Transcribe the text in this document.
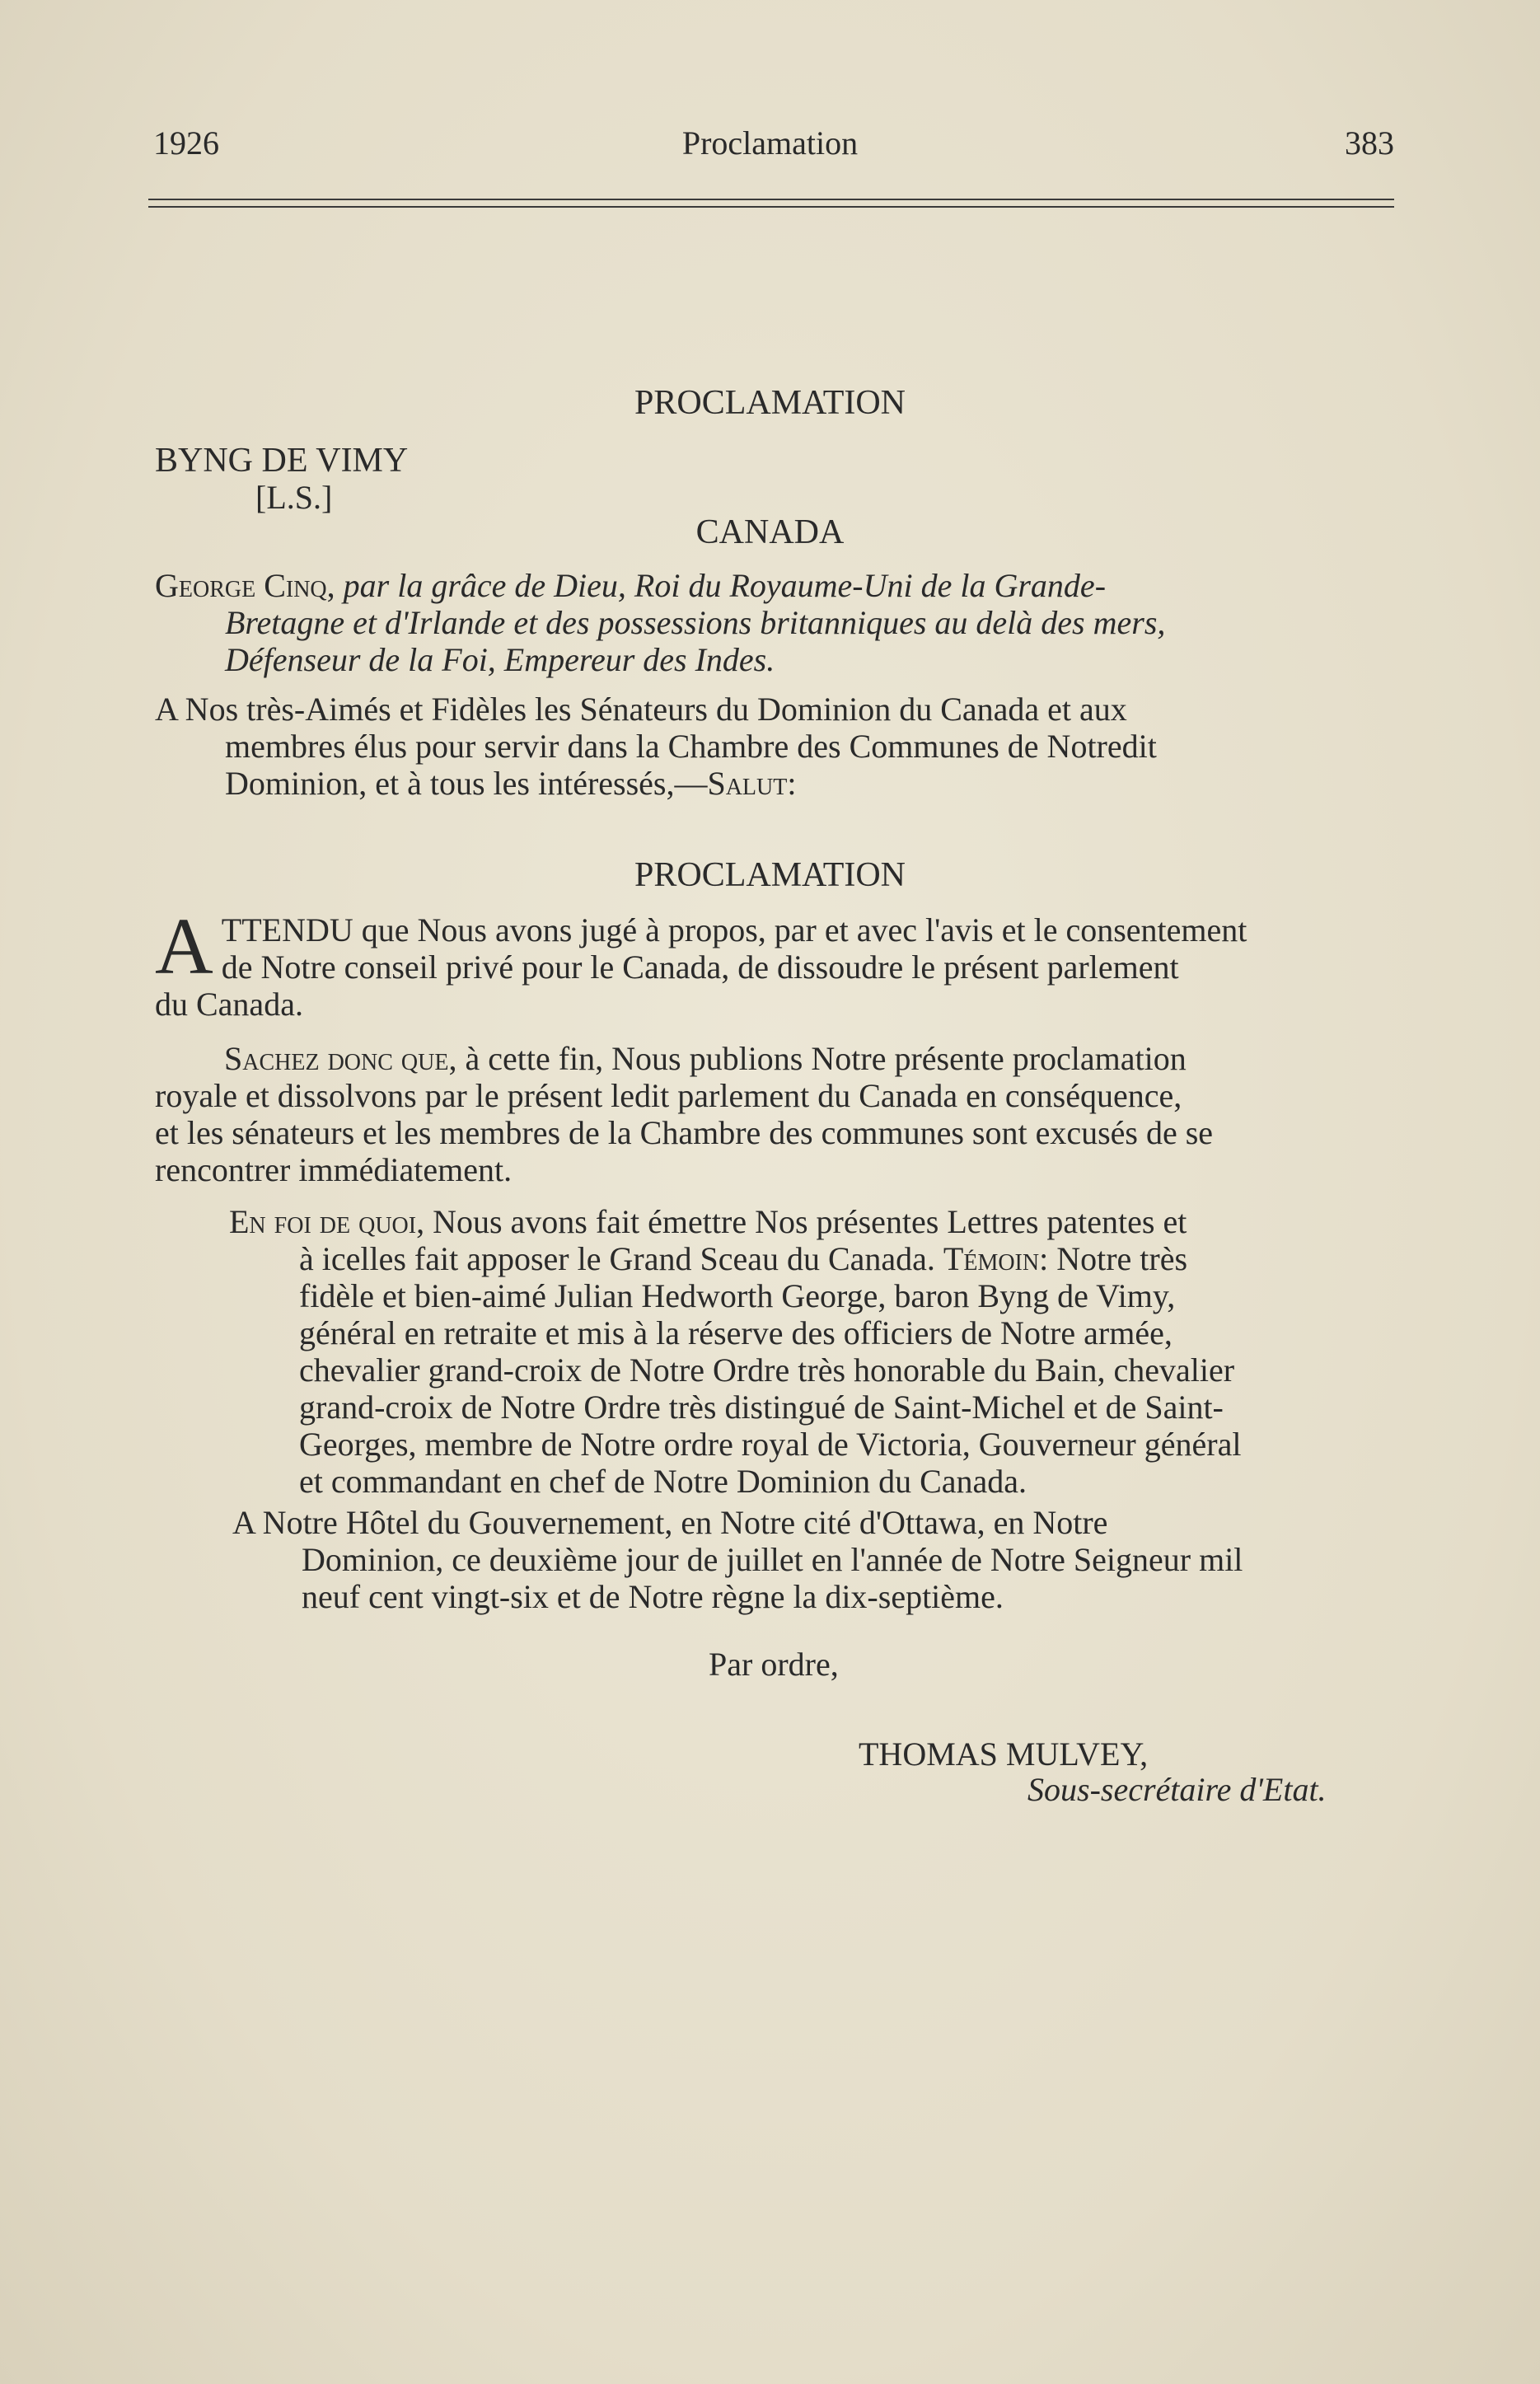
1926	Proclamation	383
PROCLAMATION
BYNG DE VIMY
[L.S.]
CANADA
George Cinq, par la grâce de Dieu, Roi du Royaume-Uni de la Grande-
Bretagne et d'Irlande et des possessions britanniques au delà des mers,
Défenseur de la Foi, Empereur des Indes.
A Nos très-Aimés et Fidèles les Sénateurs du Dominion du Canada et aux
membres élus pour servir dans la Chambre des Communes de Notredit
Dominion, et à tous les intéressés,—Salut:
PROCLAMATION
A TTENDU que Nous avons jugé à propos, par et avec l'avis et le consentement
de Notre conseil privé pour le Canada, de dissoudre le présent parlement
du Canada.
Sachez donc que, à cette fin, Nous publions Notre présente proclamation
royale et dissolvons par le présent ledit parlement du Canada en conséquence,
et les sénateurs et les membres de la Chambre des communes sont excusés de se
rencontrer immédiatement.
En foi de quoi, Nous avons fait émettre Nos présentes Lettres patentes et
à icelles fait apposer le Grand Sceau du Canada. Témoin: Notre très
fidèle et bien-aimé Julian Hedworth George, baron Byng de Vimy,
général en retraite et mis à la réserve des officiers de Notre armée,
chevalier grand-croix de Notre Ordre très honorable du Bain, chevalier
grand-croix de Notre Ordre très distingué de Saint-Michel et de Saint-
Georges, membre de Notre ordre royal de Victoria, Gouverneur général
et commandant en chef de Notre Dominion du Canada.
A Notre Hôtel du Gouvernement, en Notre cité d'Ottawa, en Notre
Dominion, ce deuxième jour de juillet en l'année de Notre Seigneur mil
neuf cent vingt-six et de Notre règne la dix-septième.
Par ordre,
THOMAS MULVEY,
Sous-secrétaire d'Etat.
